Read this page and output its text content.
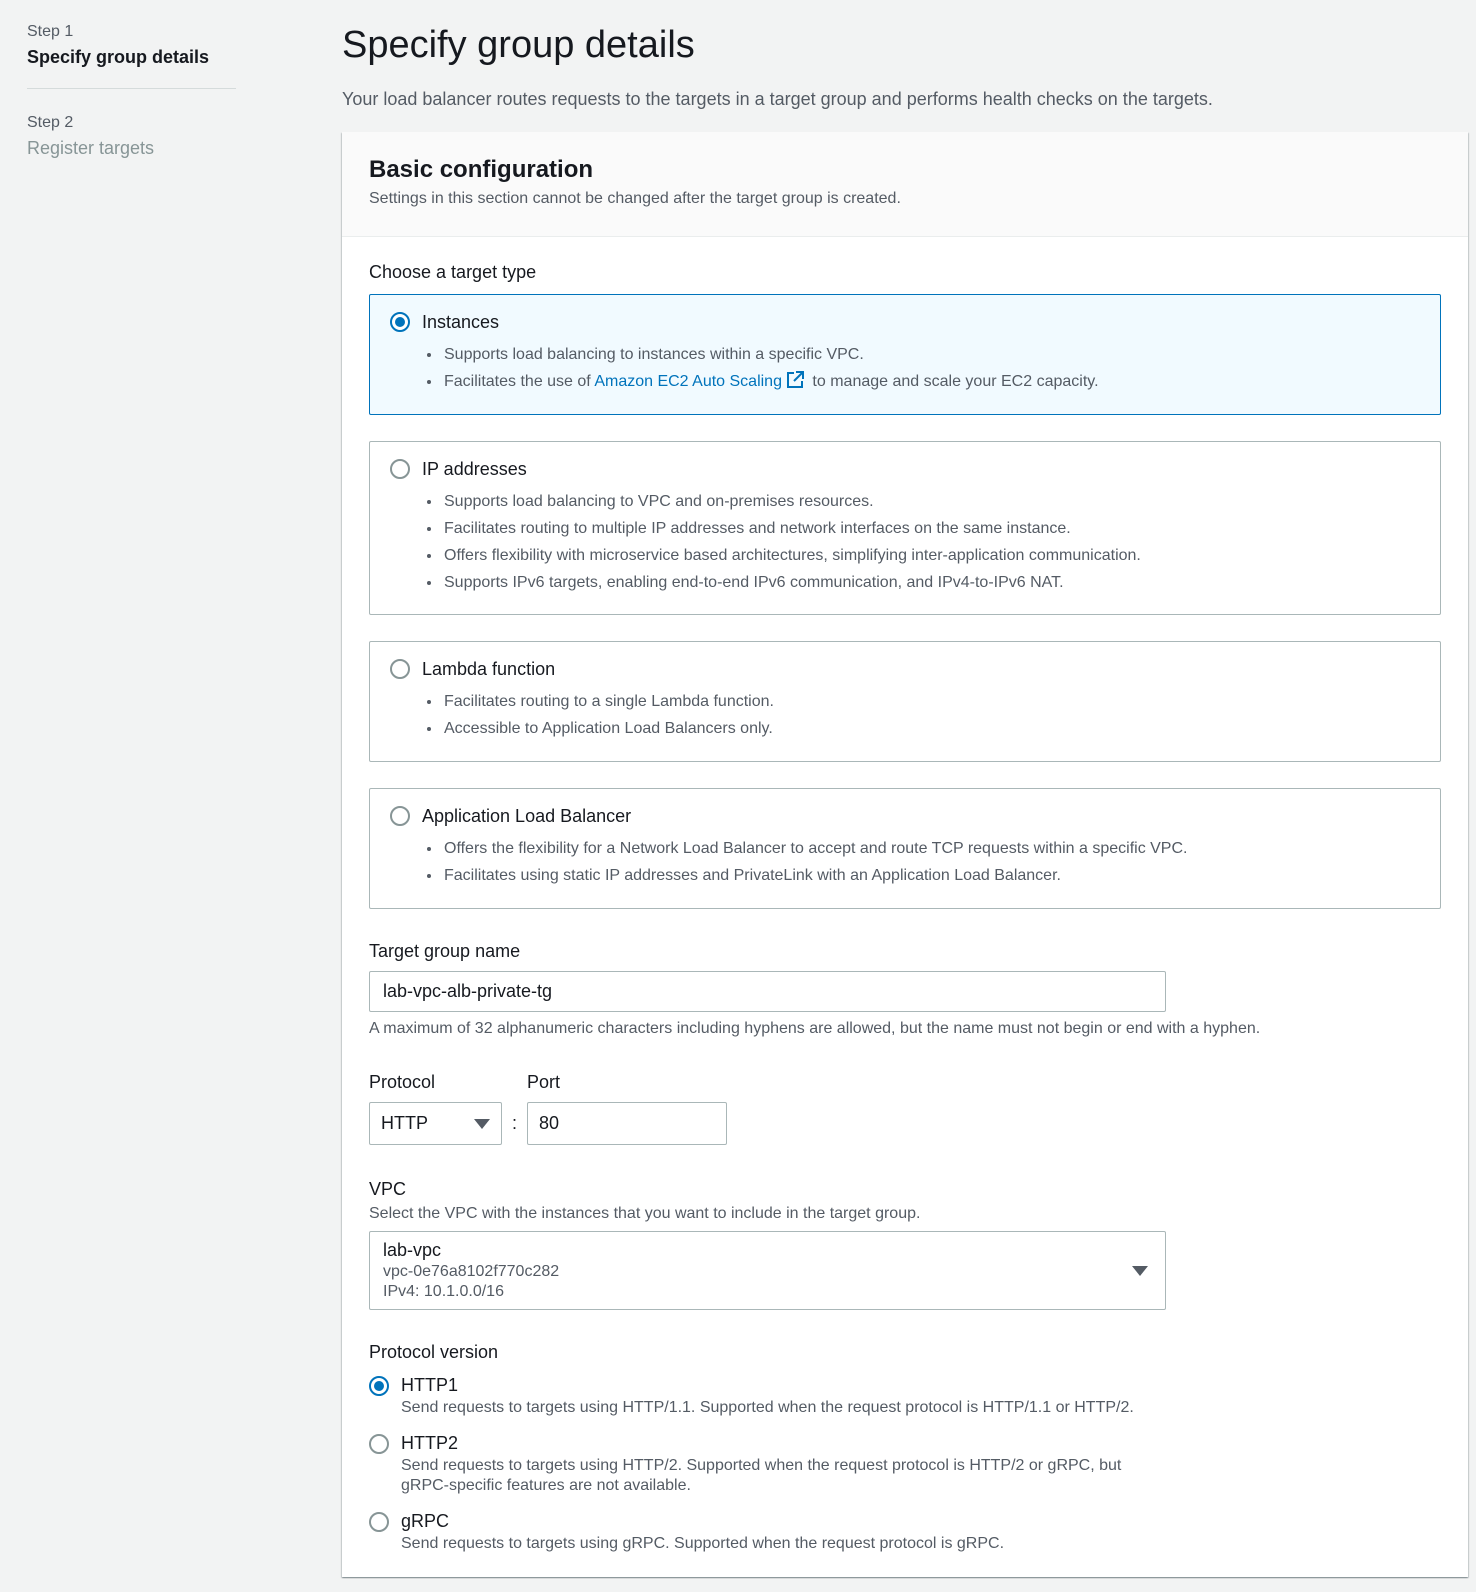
Step 1
Specify group details
Step 2
Register targets
Specify group details

Your load balancer routes requests to the targets in a target group and performs health checks on the targets.

Basic configuration

Settings in this section cannot be changed after the target group is created.

Choose a target type
Instances
• Supports load balancing to instances within a specific VPC.
• Facilitates the use of Amazon EC2 Auto Scaling to manage and scale your EC2 capacity.
IP addresses
• Supports load balancing to VPC and on-premises resources.
• Facilitates routing to multiple IP addresses and network interfaces on the same instance.
• Offers flexibility with microservice based architectures, simplifying inter-application communication.
• Supports IPv6 targets, enabling end-to-end IPv6 communication, and IPv4-to-IPv6 NAT.
Lambda function
• Facilitates routing to a single Lambda function.
• Accessible to Application Load Balancers only.
Application Load Balancer
• Offers the flexibility for a Network Load Balancer to accept and route TCP requests within a specific VPC.
• Facilitates using static IP addresses and PrivateLink with an Application Load Balancer.
Target group name
lab-vpc-alb-private-tg
A maximum of 32 alphanumeric characters including hyphens are allowed, but the name must not begin or end with a hyphen.
Protocol
HTTP	:
Port
80
VPC
Select the VPC with the instances that you want to include in the target group.
lab-vpc
vpc-0e76a8102f770c282
IPv4: 10.1.0.0/16
Protocol version
HTTP1
Send requests to targets using HTTP/1.1. Supported when the request protocol is HTTP/1.1 or HTTP/2.
HTTP2
Send requests to targets using HTTP/2. Supported when the request protocol is HTTP/2 or gRPC, but gRPC-specific features are not available.
gRPC
Send requests to targets using gRPC. Supported when the request protocol is gRPC.
